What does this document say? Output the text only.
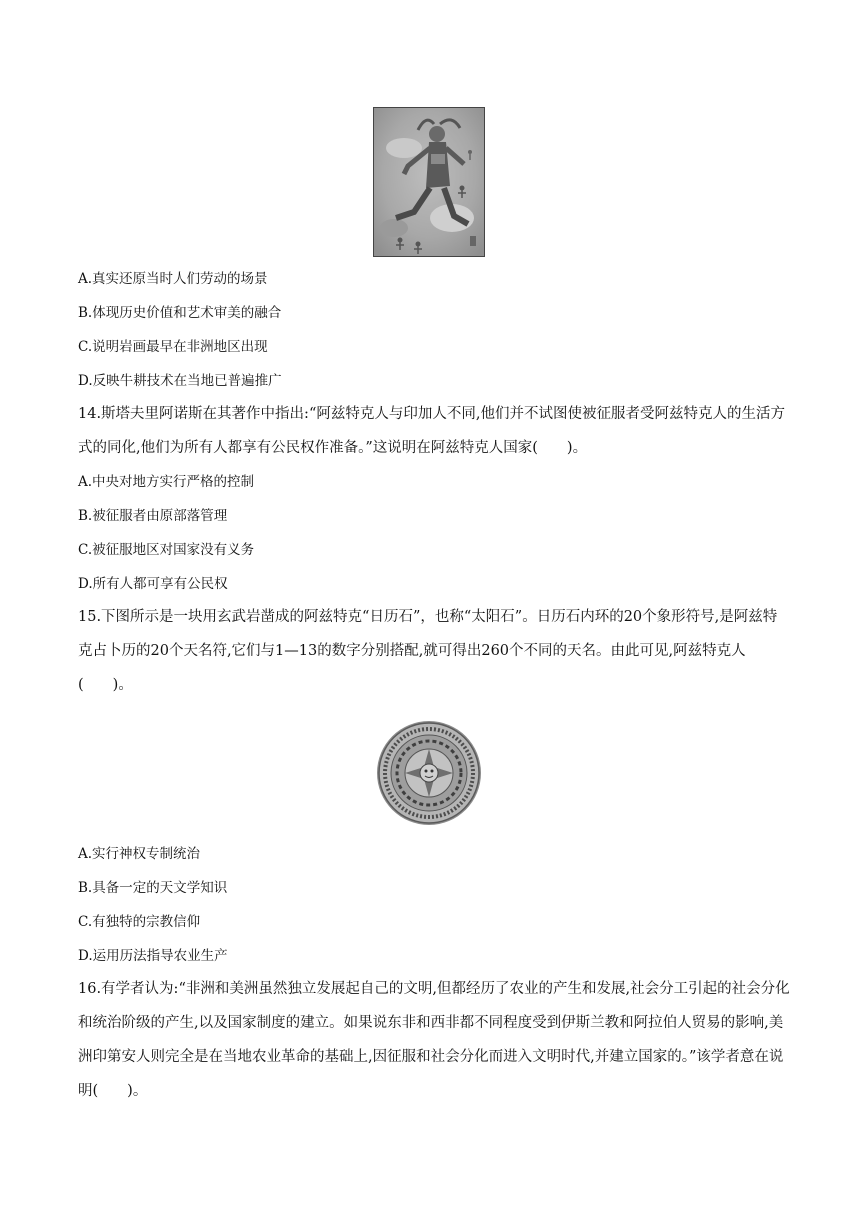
A.真实还原当时人们劳动的场景
B.体现历史价值和艺术审美的融合
C.说明岩画最早在非洲地区出现
D.反映牛耕技术在当地已普遍推广
14.斯塔夫里阿诺斯在其著作中指出:“阿兹特克人与印加人不同,他们并不试图使被征服者受阿兹特克人的生活方式的同化,他们为所有人都享有公民权作准备。”这说明在阿兹特克人国家(　　)。
A.中央对地方实行严格的控制
B.被征服者由原部落管理
C.被征服地区对国家没有义务
D.所有人都可享有公民权
15.下图所示是一块用玄武岩凿成的阿兹特克“日历石”，也称“太阳石”。日历石内环的20个象形符号,是阿兹特克占卜历的20个天名符,它们与1—13的数字分别搭配,就可得出260个不同的天名。由此可见,阿兹特克人(　　)。
A.实行神权专制统治
B.具备一定的天文学知识
C.有独特的宗教信仰
D.运用历法指导农业生产
16.有学者认为:“非洲和美洲虽然独立发展起自己的文明,但都经历了农业的产生和发展,社会分工引起的社会分化和统治阶级的产生,以及国家制度的建立。如果说东非和西非都不同程度受到伊斯兰教和阿拉伯人贸易的影响,美洲印第安人则完全是在当地农业革命的基础上,因征服和社会分化而进入文明时代,并建立国家的。”该学者意在说明(　　)。
